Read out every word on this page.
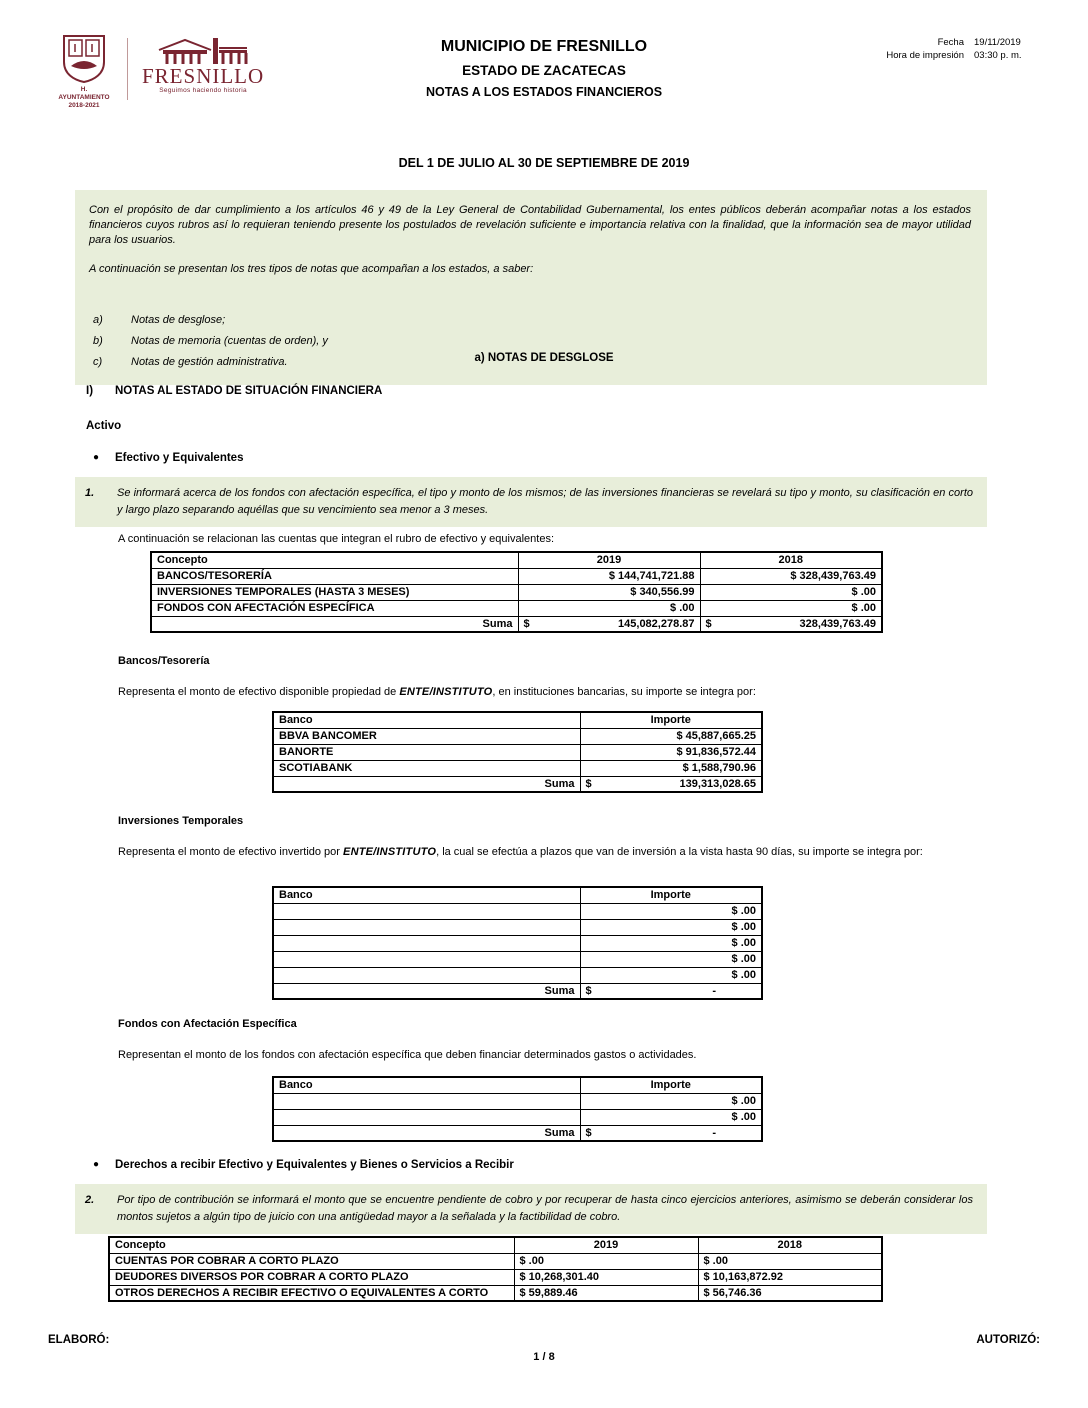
H. AYUNTAMIENTO
2018-2021
FRESNILLO
Seguimos haciendo historia
MUNICIPIO DE FRESNILLO
ESTADO DE ZACATECAS
NOTAS A LOS ESTADOS FINANCIEROS
Fecha 19/11/2019
Hora de impresión 03:30 p. m.
DEL 1 DE JULIO AL 30 DE SEPTIEMBRE DE 2019

Con el propósito de dar cumplimiento a los artículos 46 y 49 de la Ley General de Contabilidad Gubernamental, los entes públicos deberán acompañar notas a los estados financieros cuyos rubros así lo requieran teniendo presente los postulados de revelación suficiente e importancia relativa con la finalidad, que la información sea de mayor utilidad para los usuarios.

A continuación se presentan los tres tipos de notas que acompañan a los estados, a saber:

a)	Notas de desglose;
b)	Notas de memoria (cuentas de orden), y
c)	Notas de gestión administrativa.	a) NOTAS DE DESGLOSE
I) NOTAS AL ESTADO DE SITUACIÓN FINANCIERA
Activo
● Efectivo y Equivalentes
1.	Se informará acerca de los fondos con afectación específica, el tipo y monto de los mismos; de las inversiones financieras se revelará su tipo y monto, su clasificación en corto y largo plazo separando aquéllas que su vencimiento sea menor a 3 meses.
A continuación se relacionan las cuentas que integran el rubro de efectivo y equivalentes:
Concepto	2019	2018
BANCOS/TESORERÍA	$ 144,741,721.88	$ 328,439,763.49
INVERSIONES TEMPORALES (HASTA 3 MESES)	$ 340,556.99	$ .00
FONDOS CON AFECTACIÓN ESPECÍFICA	$ .00	$ .00
Suma	$ 145,082,278.87	$ 328,439,763.49
Bancos/Tesorería
Representa el monto de efectivo disponible propiedad de ENTE/INSTITUTO, en instituciones bancarias, su importe se integra por:
Banco	Importe
BBVA BANCOMER	$ 45,887,665.25
BANORTE	$ 91,836,572.44
SCOTIABANK	$ 1,588,790.96
Suma	$ 139,313,028.65
Inversiones Temporales
Representa el monto de efectivo invertido por ENTE/INSTITUTO, la cual se efectúa a plazos que van de inversión a la vista hasta 90 días, su importe se integra por:
Banco	Importe
	$ .00
	$ .00
	$ .00
	$ .00
	$ .00
Suma	$ -
Fondos con Afectación Específica
Representan el monto de los fondos con afectación específica que deben financiar determinados gastos o actividades.
Banco	Importe
	$ .00
	$ .00
Suma	$ -
● Derechos a recibir Efectivo y Equivalentes y Bienes o Servicios a Recibir
2.	Por tipo de contribución se informará el monto que se encuentre pendiente de cobro y por recuperar de hasta cinco ejercicios anteriores, asimismo se deberán considerar los montos sujetos a algún tipo de juicio con una antigüedad mayor a la señalada y la factibilidad de cobro.
Concepto	2019	2018
CUENTAS POR COBRAR A CORTO PLAZO	$ .00	$ .00
DEUDORES DIVERSOS POR COBRAR A CORTO PLAZO	$ 10,268,301.40	$ 10,163,872.92
OTROS DERECHOS A RECIBIR EFECTIVO O EQUIVALENTES A CORTO	$ 59,889.46	$ 56,746.36
ELABORÓ:	AUTORIZÓ:
1 / 8
